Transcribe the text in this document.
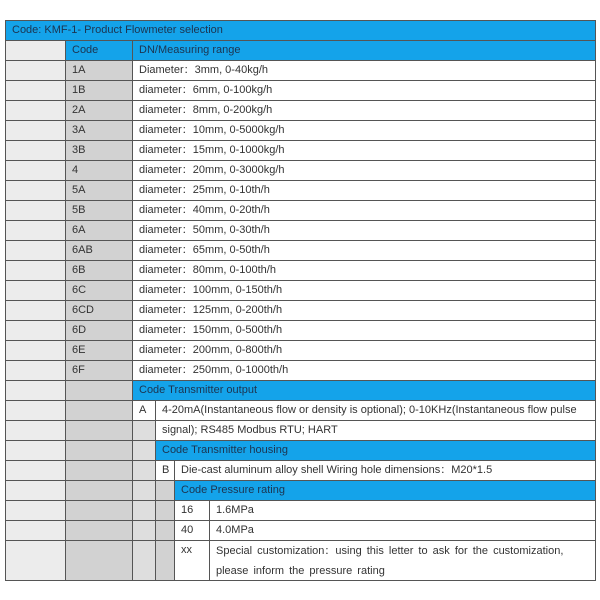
Code: KMF-1- Product Flowmeter selection
Code	DN/Measuring range
1A	Diameter：3mm, 0-40kg/h
1B	diameter：6mm, 0-100kg/h
2A	diameter：8mm, 0-200kg/h
3A	diameter：10mm, 0-5000kg/h
3B	diameter：15mm, 0-1000kg/h
4	diameter：20mm, 0-3000kg/h
5A	diameter：25mm, 0-10th/h
5B	diameter：40mm, 0-20th/h
6A	diameter：50mm, 0-30th/h
6AB	diameter：65mm, 0-50th/h
6B	diameter：80mm, 0-100th/h
6C	diameter：100mm, 0-150th/h
6CD	diameter：125mm, 0-200th/h
6D	diameter：150mm, 0-500th/h
6E	diameter：200mm, 0-800th/h
6F	diameter：250mm, 0-1000th/h
Code Transmitter output
A	4-20mA(Instantaneous flow or density is optional); 0-10KHz(Instantaneous flow pulse
signal); RS485 Modbus RTU; HART
Code Transmitter housing
B	Die-cast aluminum alloy shell Wiring hole dimensions：M20*1.5
Code Pressure rating
16	1.6MPa
40	4.0MPa
xx	Special customization：using this letter to ask for the customization, please inform the pressure rating
